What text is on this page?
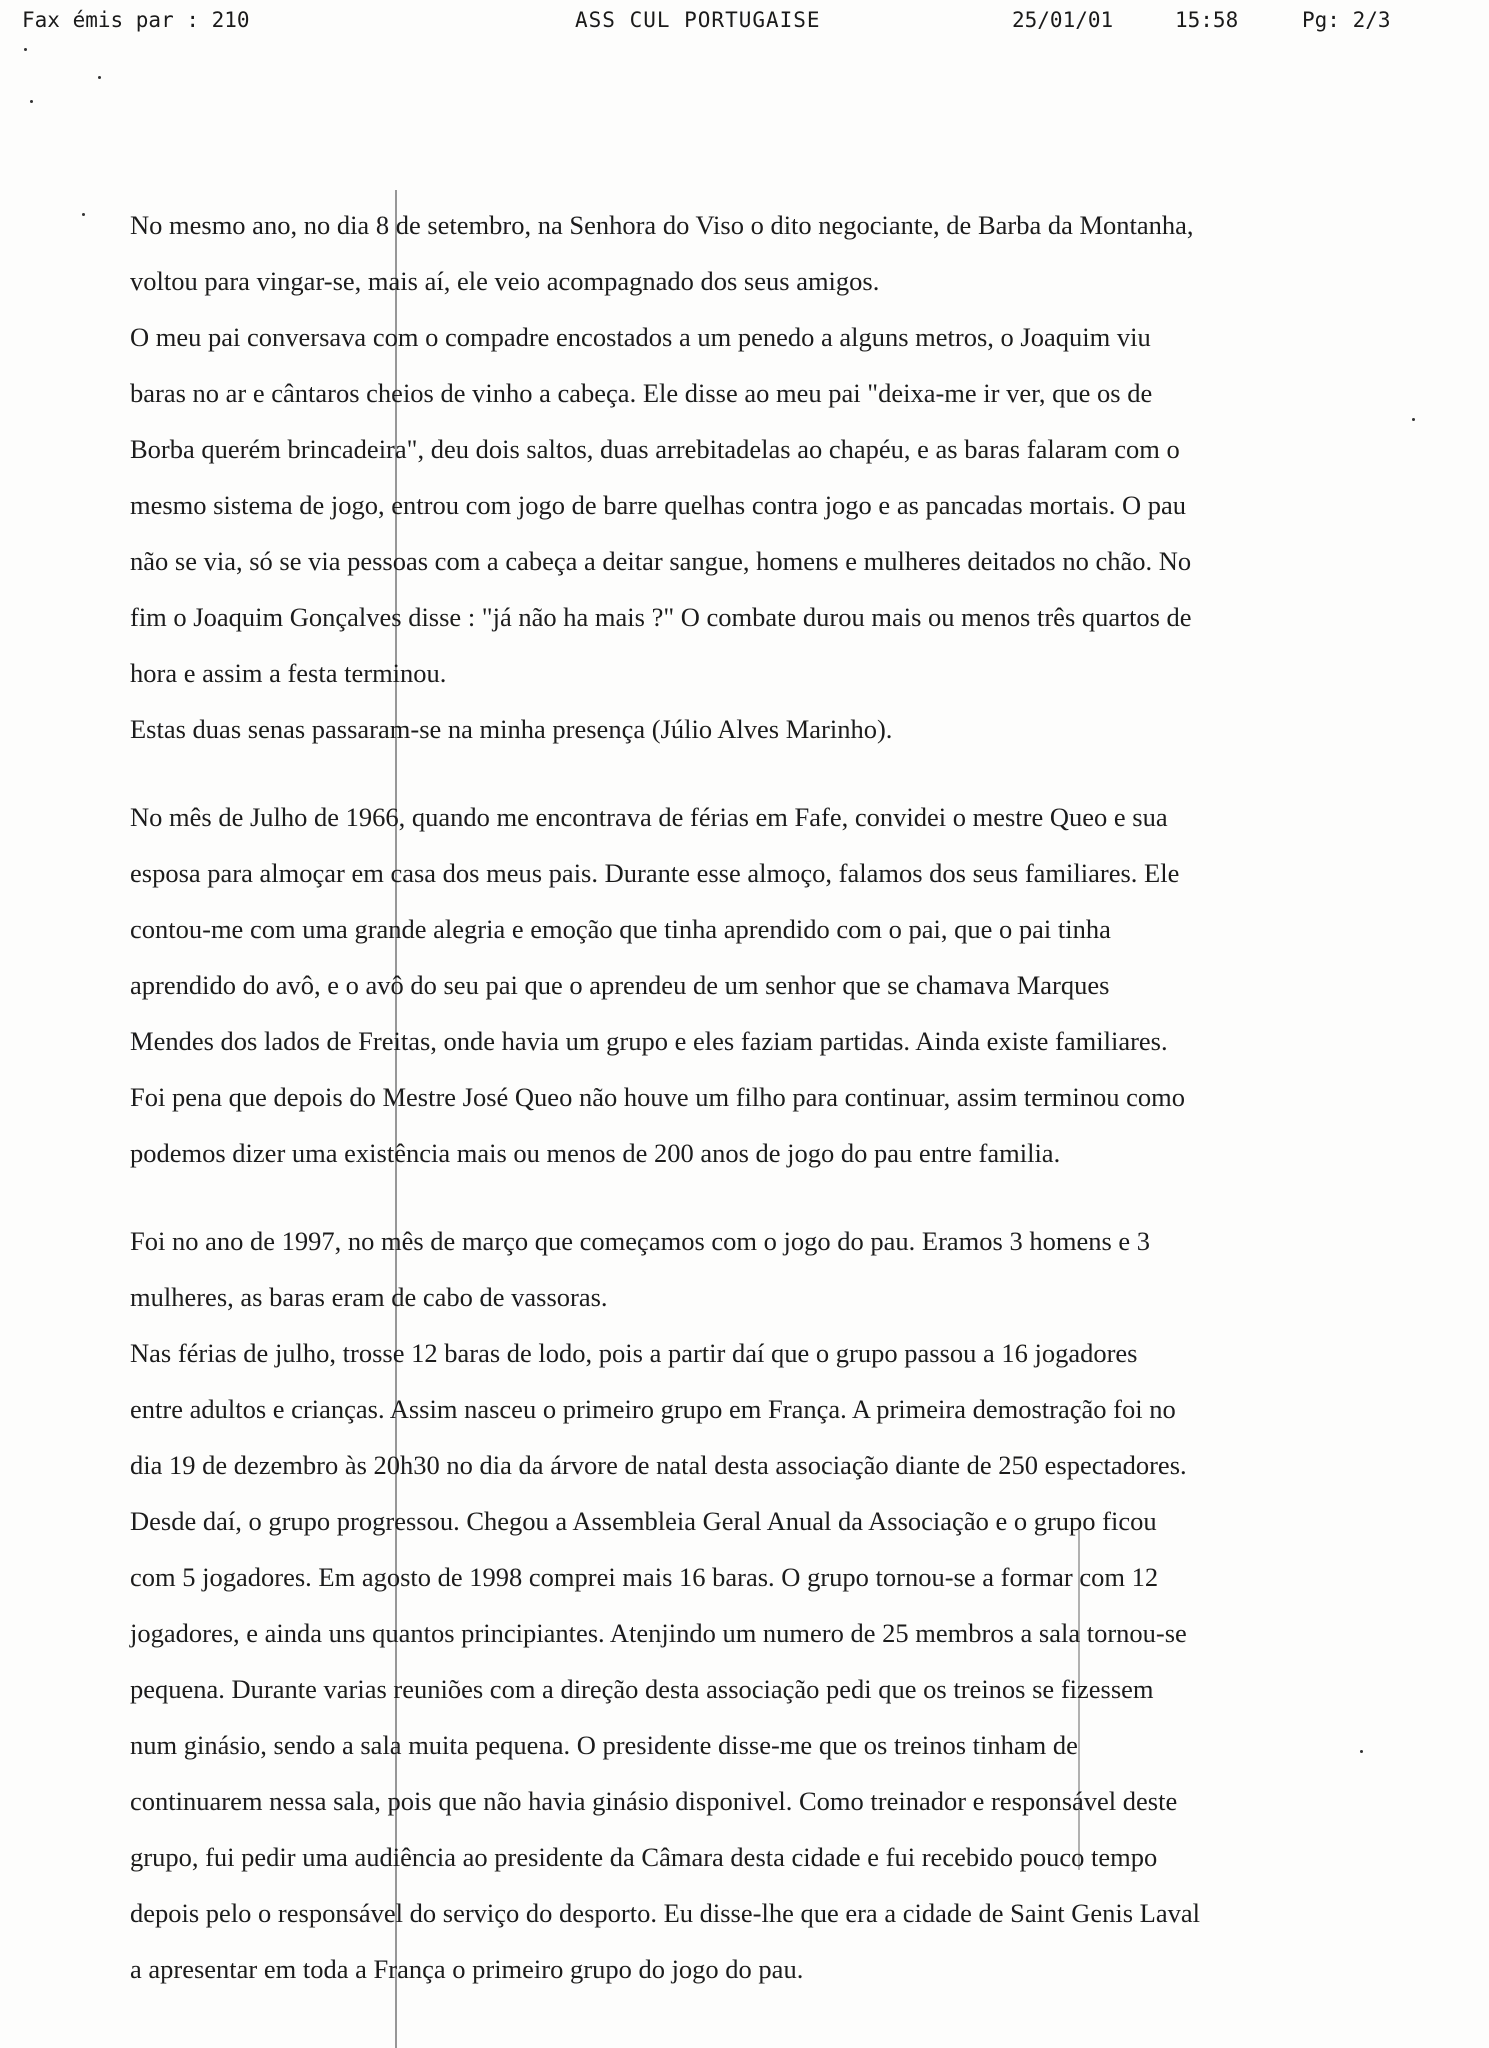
Fax émis par : 210	ASS CUL PORTUGAISE	25/01/01	15:58	Pg: 2/3

No mesmo ano, no dia 8 de setembro, na Senhora do Viso o dito negociante, de Barba da Montanha,

voltou para vingar-se, mais aí, ele veio acompagnado dos seus amigos.

O meu pai conversava com o compadre encostados a um penedo a alguns metros, o Joaquim viu

baras no ar e cântaros cheios de vinho a cabeça. Ele disse ao meu pai "deixa-me ir ver, que os de

Borba querém brincadeira", deu dois saltos, duas arrebitadelas ao chapéu, e as baras falaram com o

mesmo sistema de jogo, entrou com jogo de barre quelhas contra jogo e as pancadas mortais. O pau

não se via, só se via pessoas com a cabeça a deitar sangue, homens e mulheres deitados no chão. No

fim o Joaquim Gonçalves disse : "já não ha mais ?" O combate durou mais ou menos três quartos de

hora e assim a festa terminou.

Estas duas senas passaram-se na minha presença (Júlio Alves Marinho).

No mês de Julho de 1966, quando me encontrava de férias em Fafe, convidei o mestre Queo e sua

esposa para almoçar em casa dos meus pais. Durante esse almoço, falamos dos seus familiares. Ele

contou-me com uma grande alegria e emoção que tinha aprendido com o pai, que o pai tinha

aprendido do avô, e o avô do seu pai que o aprendeu de um senhor que se chamava Marques

Mendes dos lados de Freitas, onde havia um grupo e eles faziam partidas. Ainda existe familiares.

Foi pena que depois do Mestre José Queo não houve um filho para continuar, assim terminou como

podemos dizer uma existência mais ou menos de 200 anos de jogo do pau entre familia.

Foi no ano de 1997, no mês de março que começamos com o jogo do pau. Eramos 3 homens e 3

mulheres, as baras eram de cabo de vassoras.

Nas férias de julho, trosse 12 baras de lodo, pois a partir daí que o grupo passou a 16 jogadores

entre adultos e crianças. Assim nasceu o primeiro grupo em França. A primeira demostração foi no

dia 19 de dezembro às 20h30 no dia da árvore de natal desta associação diante de 250 espectadores.

Desde daí, o grupo progressou. Chegou a Assembleia Geral Anual da Associação e o grupo ficou

com 5 jogadores. Em agosto de 1998 comprei mais 16 baras. O grupo tornou-se a formar com 12

jogadores, e ainda uns quantos principiantes. Atenjindo um numero de 25 membros a sala tornou-se

pequena. Durante varias reuniões com a direção desta associação pedi que os treinos se fizessem

num ginásio, sendo a sala muita pequena. O presidente disse-me que os treinos tinham de

continuarem nessa sala, pois que não havia ginásio disponivel. Como treinador e responsável deste

grupo, fui pedir uma audiência ao presidente da Câmara desta cidade e fui recebido pouco tempo

depois pelo o responsável do serviço do desporto. Eu disse-lhe que era a cidade de Saint Genis Laval

a apresentar em toda a França o primeiro grupo do jogo do pau.
